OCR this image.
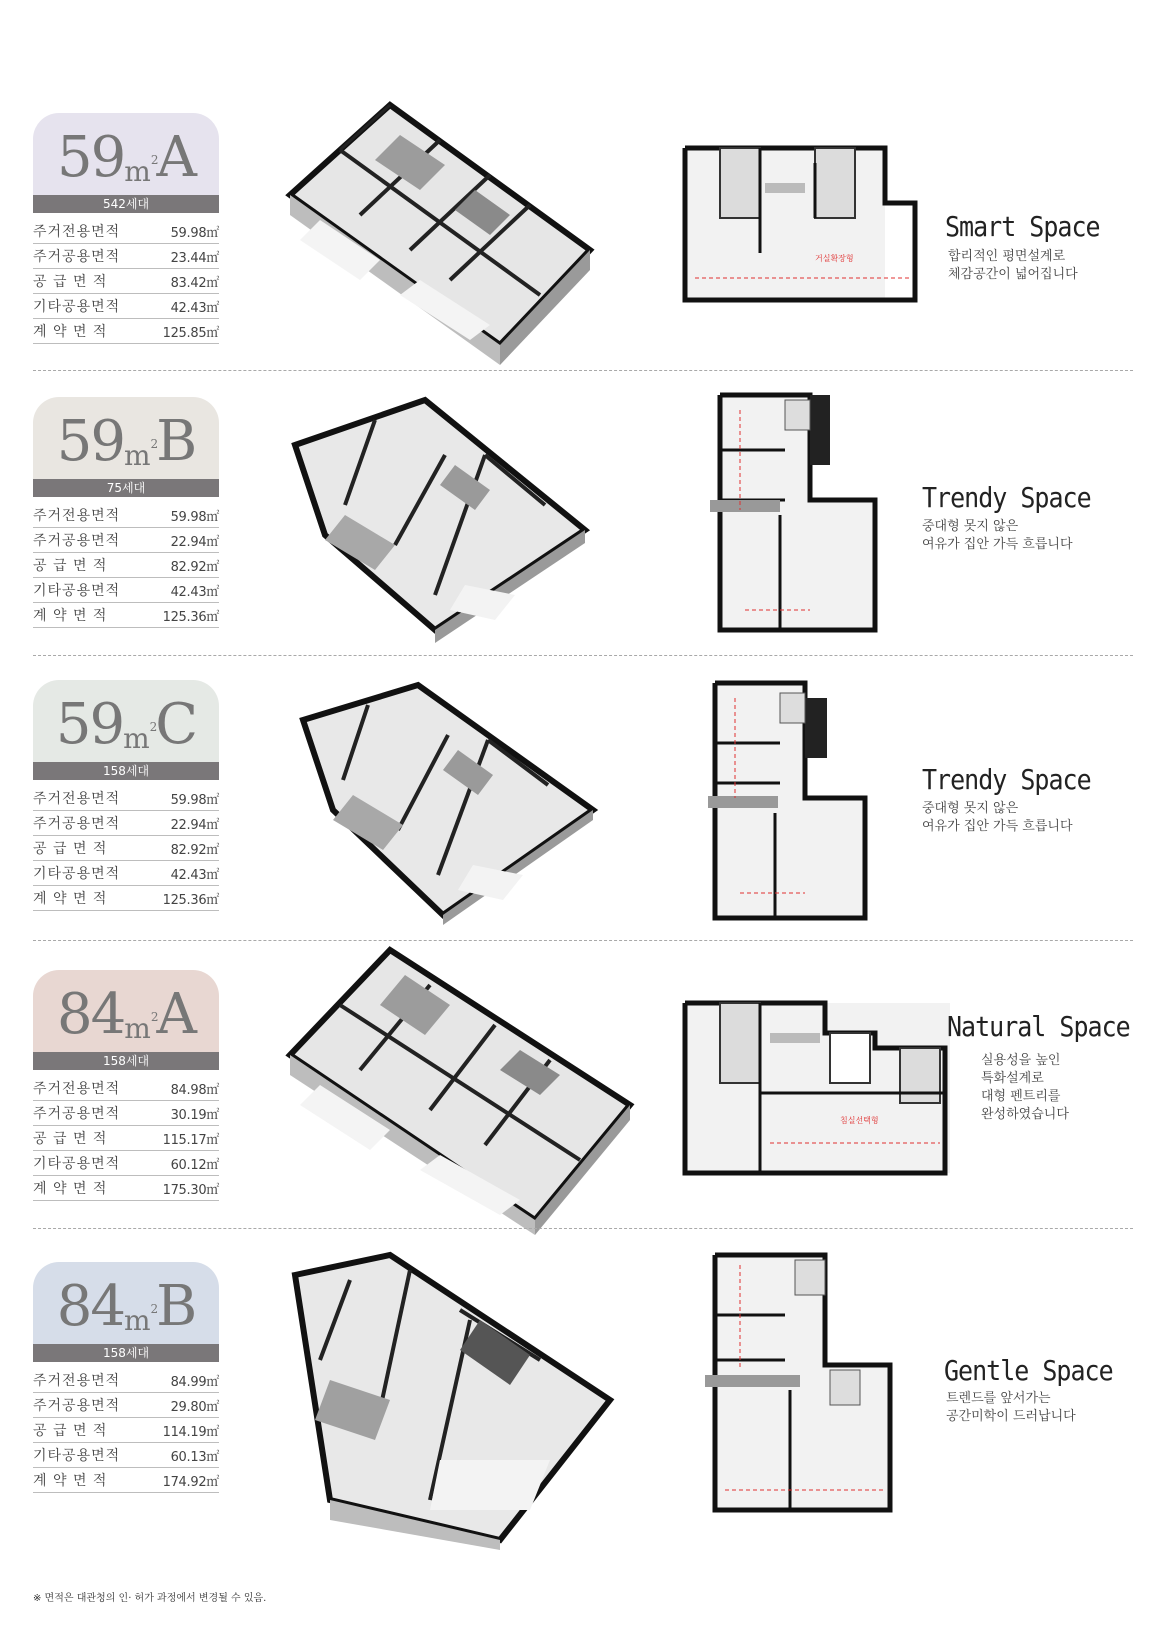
59 m 2 A
542세대
주거전용면적	59.98㎡
주거공용면적	23.44㎡
공 급 면 적	83.42㎡
기타공용면적	42.43㎡
계 약 면 적	125.85㎡
거실확장형
Smart Space
합리적인 평면설계로
체감공간이 넓어집니다
59 m 2 B
75세대
주거전용면적	59.98㎡
주거공용면적	22.94㎡
공 급 면 적	82.92㎡
기타공용면적	42.43㎡
계 약 면 적	125.36㎡
Trendy Space
중대형 못지 않은
여유가 집안 가득 흐릅니다
59 m 2 C
158세대
주거전용면적	59.98㎡
주거공용면적	22.94㎡
공 급 면 적	82.92㎡
기타공용면적	42.43㎡
계 약 면 적	125.36㎡
Trendy Space
중대형 못지 않은
여유가 집안 가득 흐릅니다
84 m 2 A
158세대
주거전용면적	84.98㎡
주거공용면적	30.19㎡
공 급 면 적	115.17㎡
기타공용면적	60.12㎡
계 약 면 적	175.30㎡
침실선택형
Natural Space
실용성을 높인
특화설계로
대형 펜트리를
완성하였습니다
84 m 2 B
158세대
주거전용면적	84.99㎡
주거공용면적	29.80㎡
공 급 면 적	114.19㎡
기타공용면적	60.13㎡
계 약 면 적	174.92㎡
Gentle Space
트렌드를 앞서가는
공간미학이 드러납니다
※ 면적은 대관청의 인· 허가 과정에서 변경될 수 있음.
